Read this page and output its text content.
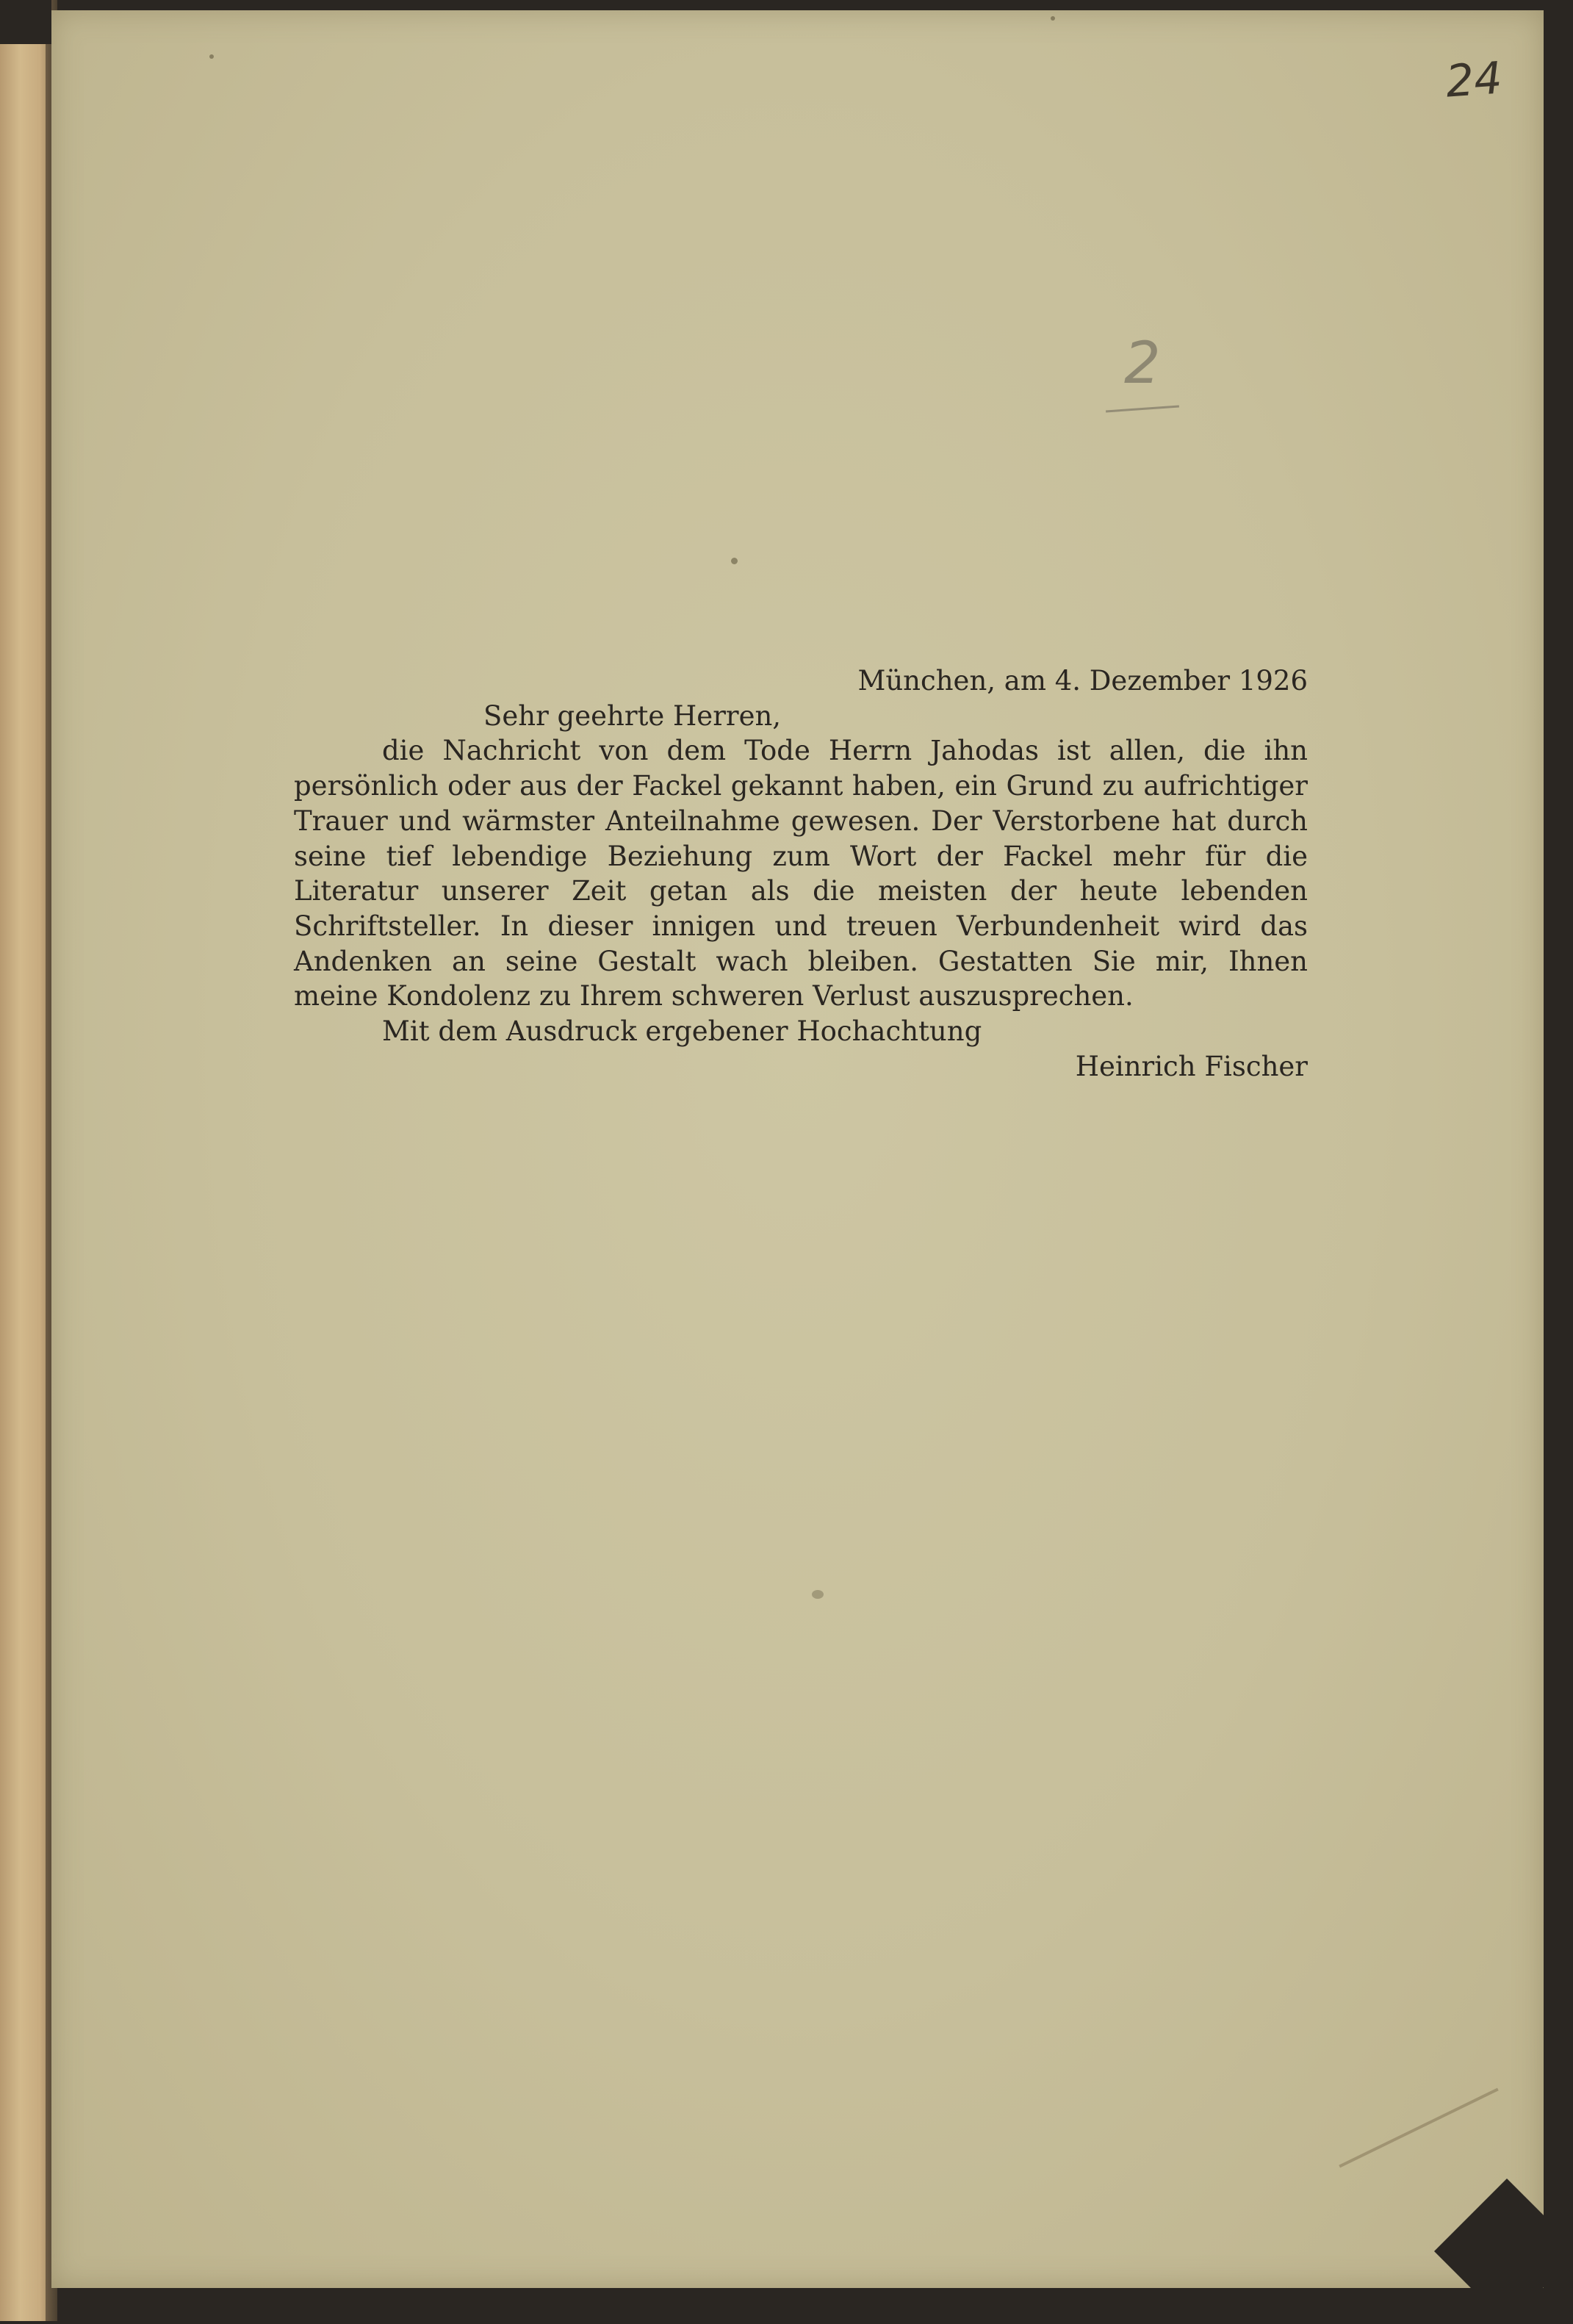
24
2
München, am 4. Dezember 1926
Sehr geehrte Herren,
die Nachricht von dem Tode Herrn Jahodas ist allen, die ihn
persönlich oder aus der Fackel gekannt haben, ein Grund zu aufrichtiger
Trauer und wärmster Anteilnahme gewesen. Der Verstorbene hat durch
seine tief lebendige Beziehung zum Wort der Fackel mehr für die
Literatur unserer Zeit getan als die meisten der heute lebenden
Schriftsteller. In dieser innigen und treuen Verbundenheit wird das
Andenken an seine Gestalt wach bleiben. Gestatten Sie mir, Ihnen
meine Kondolenz zu Ihrem schweren Verlust auszusprechen.
Mit dem Ausdruck ergebener Hochachtung
Heinrich Fischer
